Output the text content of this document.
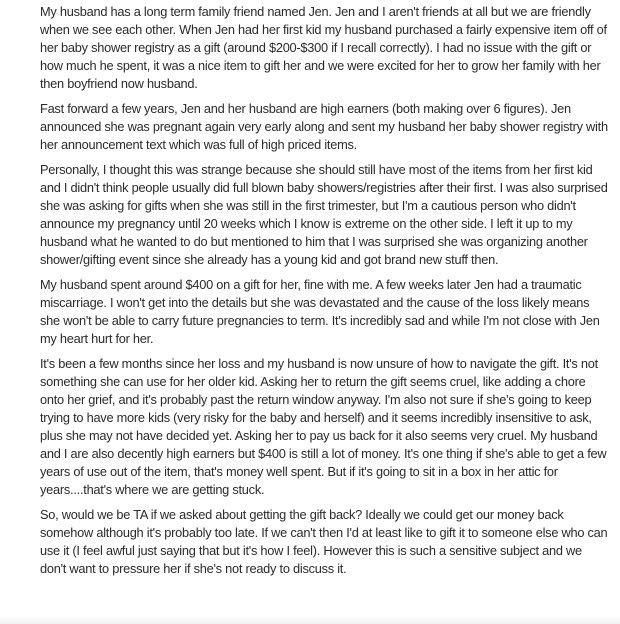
My husband has a long term family friend named Jen. Jen and I aren't friends at all but we are friendly when we see each other. When Jen had her first kid my husband purchased a fairly expensive item off of her baby shower registry as a gift (around $200-$300 if I recall correctly). I had no issue with the gift or how much he spent, it was a nice item to gift her and we were excited for her to grow her family with her then boyfriend now husband.

Fast forward a few years, Jen and her husband are high earners (both making over 6 figures). Jen announced she was pregnant again very early along and sent my husband her baby shower registry with her announcement text which was full of high priced items.

Personally, I thought this was strange because she should still have most of the items from her first kid and I didn't think people usually did full blown baby showers/registries after their first. I was also surprised she was asking for gifts when she was still in the first trimester, but I'm a cautious person who didn't announce my pregnancy until 20 weeks which I know is extreme on the other side. I left it up to my husband what he wanted to do but mentioned to him that I was surprised she was organizing another shower/gifting event since she already has a young kid and got brand new stuff then.

My husband spent around $400 on a gift for her, fine with me. A few weeks later Jen had a traumatic miscarriage. I won't get into the details but she was devastated and the cause of the loss likely means she won't be able to carry future pregnancies to term. It's incredibly sad and while I'm not close with Jen my heart hurt for her.

It's been a few months since her loss and my husband is now unsure of how to navigate the gift. It's not something she can use for her older kid. Asking her to return the gift seems cruel, like adding a chore onto her grief, and it's probably past the return window anyway. I'm also not sure if she's going to keep trying to have more kids (very risky for the baby and herself) and it seems incredibly insensitive to ask, plus she may not have decided yet. Asking her to pay us back for it also seems very cruel. My husband and I are also decently high earners but $400 is still a lot of money. It's one thing if she's able to get a few years of use out of the item, that's money well spent. But if it's going to sit in a box in her attic for years....that's where we are getting stuck.

So, would we be TA if we asked about getting the gift back? Ideally we could get our money back somehow although it's probably too late. If we can't then I'd at least like to gift it to someone else who can use it (I feel awful just saying that but it's how I feel). However this is such a sensitive subject and we don't want to pressure her if she's not ready to discuss it.
